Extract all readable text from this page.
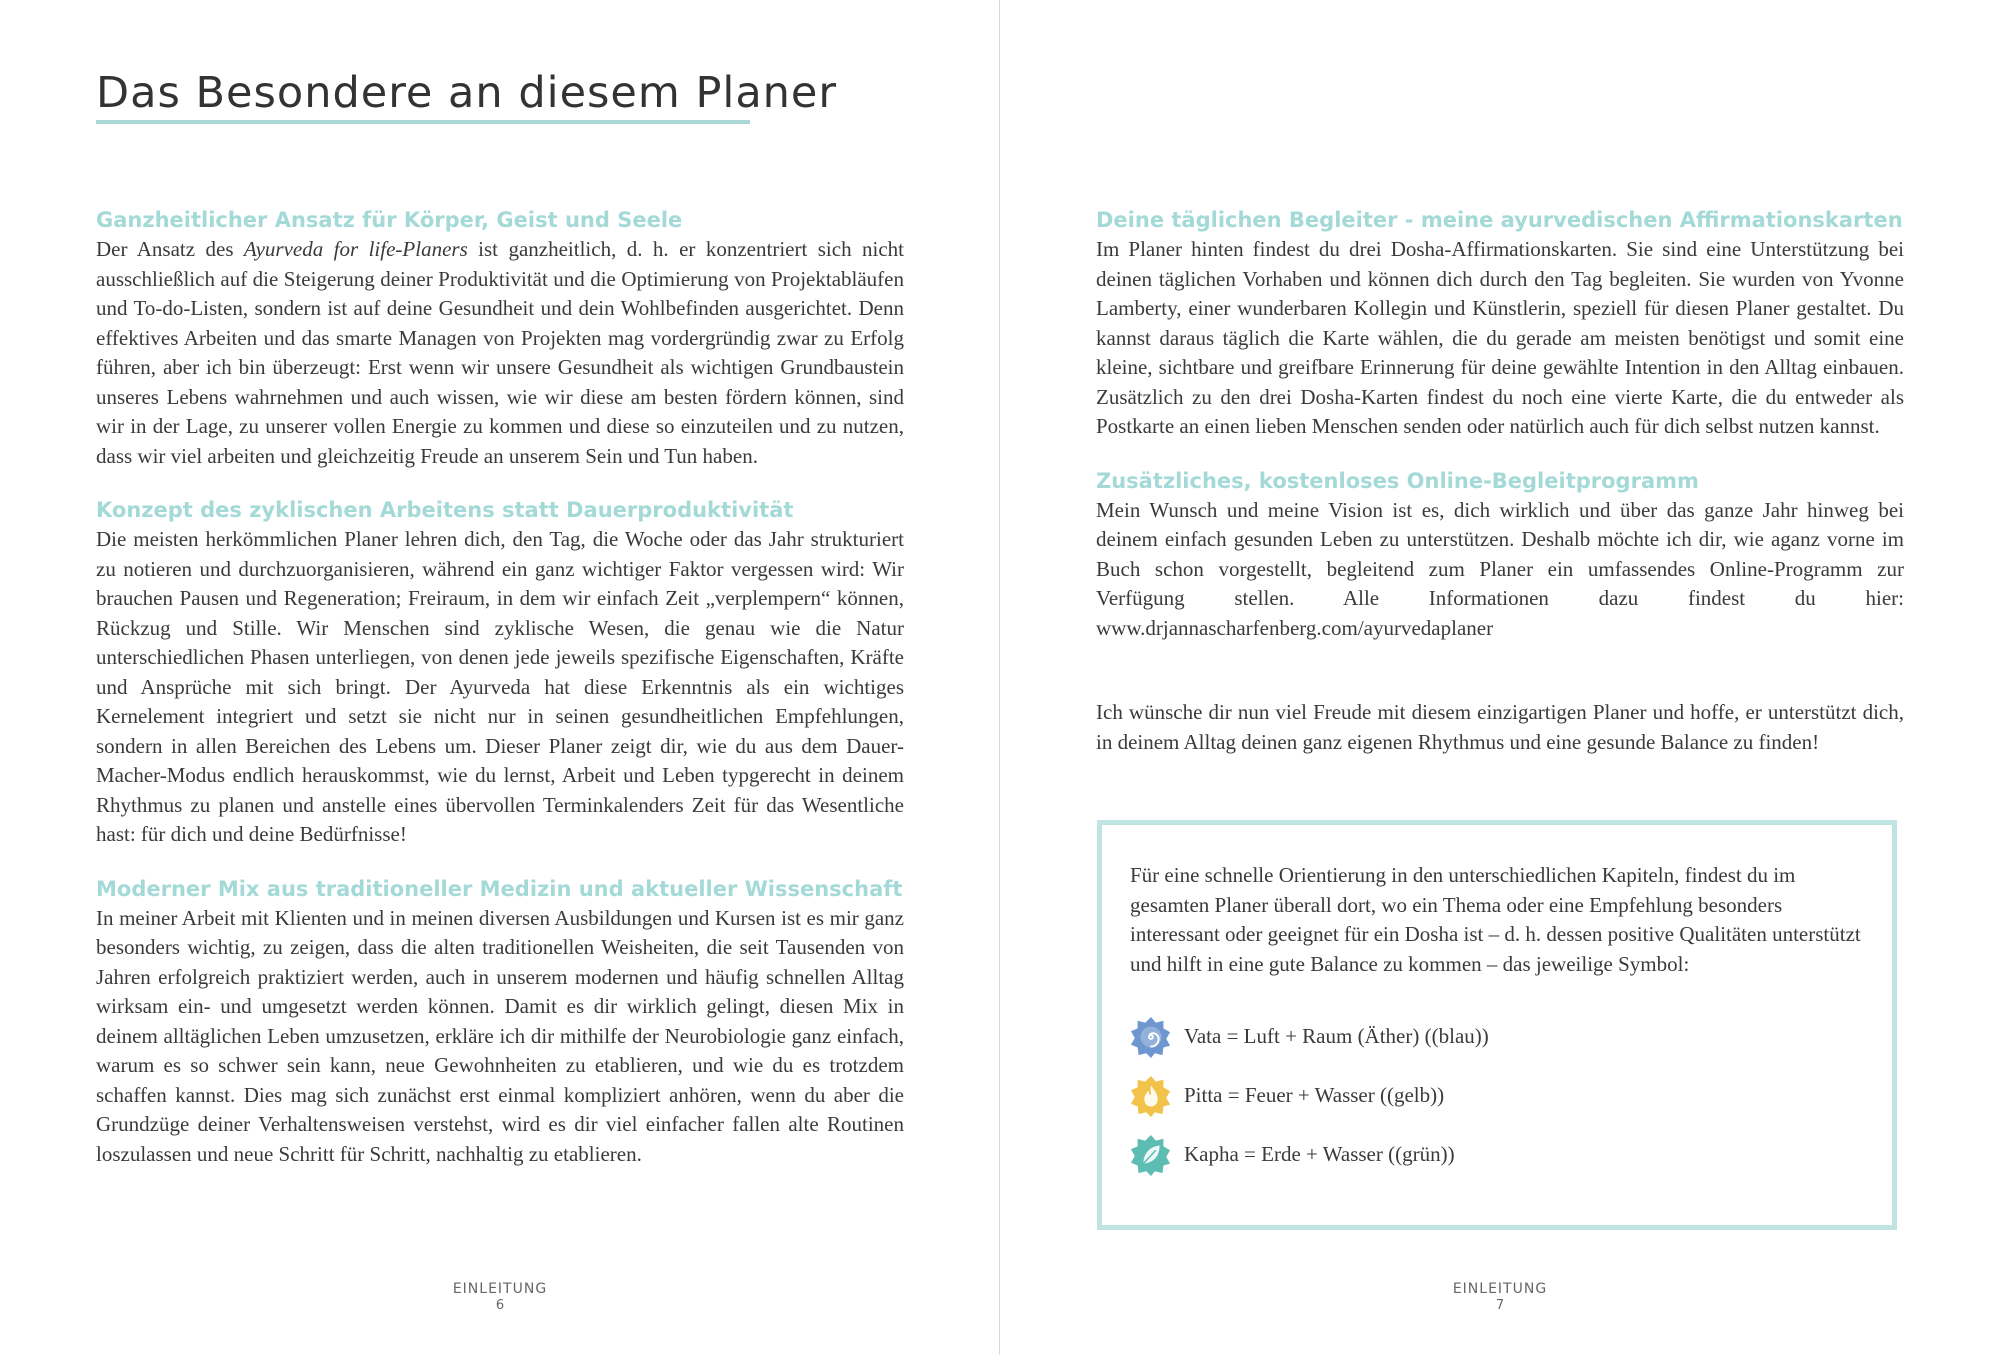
Das Besondere an diesem Planer

Ganzheitlicher Ansatz für Körper, Geist und Seele

Der Ansatz des Ayurveda for life-Planers ist ganzheitlich, d. h. er konzentriert sich nicht ausschließlich auf die Steigerung deiner Produktivität und die Optimierung von Projektabläufen und To-do-Listen, sondern ist auf deine Gesundheit und dein Wohlbefinden ausgerichtet. Denn effektives Arbeiten und das smarte Managen von Projekten mag vordergründig zwar zu Erfolg führen, aber ich bin überzeugt: Erst wenn wir unsere Gesundheit als wichtigen Grundbaustein unseres Lebens wahrnehmen und auch wissen, wie wir diese am besten fördern können, sind wir in der Lage, zu unserer vollen Energie zu kommen und diese so einzuteilen und zu nutzen, dass wir viel arbeiten und gleichzeitig Freude an unserem Sein und Tun haben.

Konzept des zyklischen Arbeitens statt Dauerproduktivität

Die meisten herkömmlichen Planer lehren dich, den Tag, die Woche oder das Jahr strukturiert zu notieren und durchzuorganisieren, während ein ganz wichtiger Faktor vergessen wird: Wir brauchen Pausen und Regeneration; Freiraum, in dem wir einfach Zeit „verplempern“ können, Rückzug und Stille. Wir Menschen sind zyklische Wesen, die genau wie die Natur unterschiedlichen Phasen unterliegen, von denen jede jeweils spezifische Eigenschaften, Kräfte und Ansprüche mit sich bringt. Der Ayurveda hat diese Erkenntnis als ein wichtiges Kernelement integriert und setzt sie nicht nur in seinen gesundheitlichen Empfehlungen, sondern in allen Bereichen des Lebens um. Dieser Planer zeigt dir, wie du aus dem Dauer-Macher-Modus endlich herauskommst, wie du lernst, Arbeit und Leben typgerecht in deinem Rhythmus zu planen und anstelle eines übervollen Terminkalenders Zeit für das Wesentliche hast: für dich und deine Bedürfnisse!

Moderner Mix aus traditioneller Medizin und aktueller Wissenschaft

In meiner Arbeit mit Klienten und in meinen diversen Ausbildungen und Kursen ist es mir ganz besonders wichtig, zu zeigen, dass die alten traditionellen Weisheiten, die seit Tausenden von Jahren erfolgreich praktiziert werden, auch in unserem modernen und häufig schnellen Alltag wirksam ein- und umgesetzt werden können. Damit es dir wirklich gelingt, diesen Mix in deinem alltäglichen Leben umzusetzen, erkläre ich dir mithilfe der Neurobiologie ganz einfach, warum es so schwer sein kann, neue Gewohnheiten zu etablieren, und wie du es trotzdem schaffen kannst. Dies mag sich zunächst erst einmal kompliziert anhören, wenn du aber die Grundzüge deiner Verhaltensweisen verstehst, wird es dir viel einfacher fallen alte Routinen loszulassen und neue Schritt für Schritt, nachhaltig zu etablieren.

EINLEITUNG
6

Deine täglichen Begleiter - meine ayurvedischen Affirmationskarten

Im Planer hinten findest du drei Dosha-Affirmationskarten. Sie sind eine Unterstützung bei deinen täglichen Vorhaben und können dich durch den Tag begleiten. Sie wurden von Yvonne Lamberty, einer wunderbaren Kollegin und Künstlerin, speziell für diesen Planer gestaltet. Du kannst daraus täglich die Karte wählen, die du gerade am meisten benötigst und somit eine kleine, sichtbare und greifbare Erinnerung für deine gewählte Intention in den Alltag einbauen. Zusätzlich zu den drei Dosha-Karten findest du noch eine vierte Karte, die du entweder als Postkarte an einen lieben Menschen senden oder natürlich auch für dich selbst nutzen kannst.

Zusätzliches, kostenloses Online-Begleitprogramm

Mein Wunsch und meine Vision ist es, dich wirklich und über das ganze Jahr hinweg bei deinem einfach gesunden Leben zu unterstützen. Deshalb möchte ich dir, wie aganz vorne im Buch schon vorgestellt, begleitend zum Planer ein umfassendes Online-Programm zur Verfügung stellen. Alle Informationen dazu findest du hier: www.drjannascharfenberg.com/ayurvedaplaner

Ich wünsche dir nun viel Freude mit diesem einzigartigen Planer und hoffe, er unterstützt dich, in deinem Alltag deinen ganz eigenen Rhythmus und eine gesunde Balance zu finden!

Für eine schnelle Orientierung in den unterschiedlichen Kapiteln, findest du im gesamten Planer überall dort, wo ein Thema oder eine Empfehlung besonders interessant oder geeignet für ein Dosha ist – d. h. dessen positive Qualitäten unterstützt und hilft in eine gute Balance zu kommen – das jeweilige Symbol:

Vata = Luft + Raum (Äther) ((blau))
Pitta = Feuer + Wasser ((gelb))
Kapha = Erde + Wasser ((grün))
EINLEITUNG
7
